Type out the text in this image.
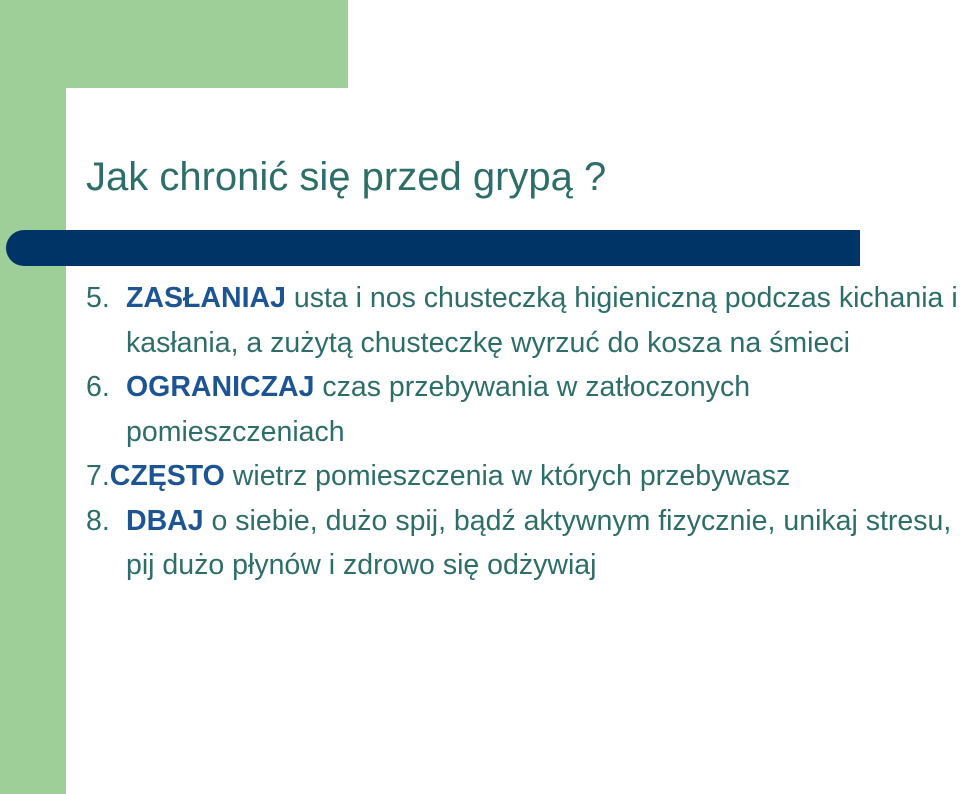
Jak chronić się przed grypą ?

5. ZASŁANIAJ usta i nos chusteczką higieniczną podczas kichania i kasłania, a zużytą chusteczkę wyrzuć do kosza na śmieci

6. OGRANICZAJ czas przebywania w zatłoczonych pomieszczeniach

7.CZĘSTO wietrz pomieszczenia w których przebywasz

8. DBAJ o siebie, dużo spij, bądź aktywnym fizycznie, unikaj stresu, pij dużo płynów i zdrowo się odżywiaj
